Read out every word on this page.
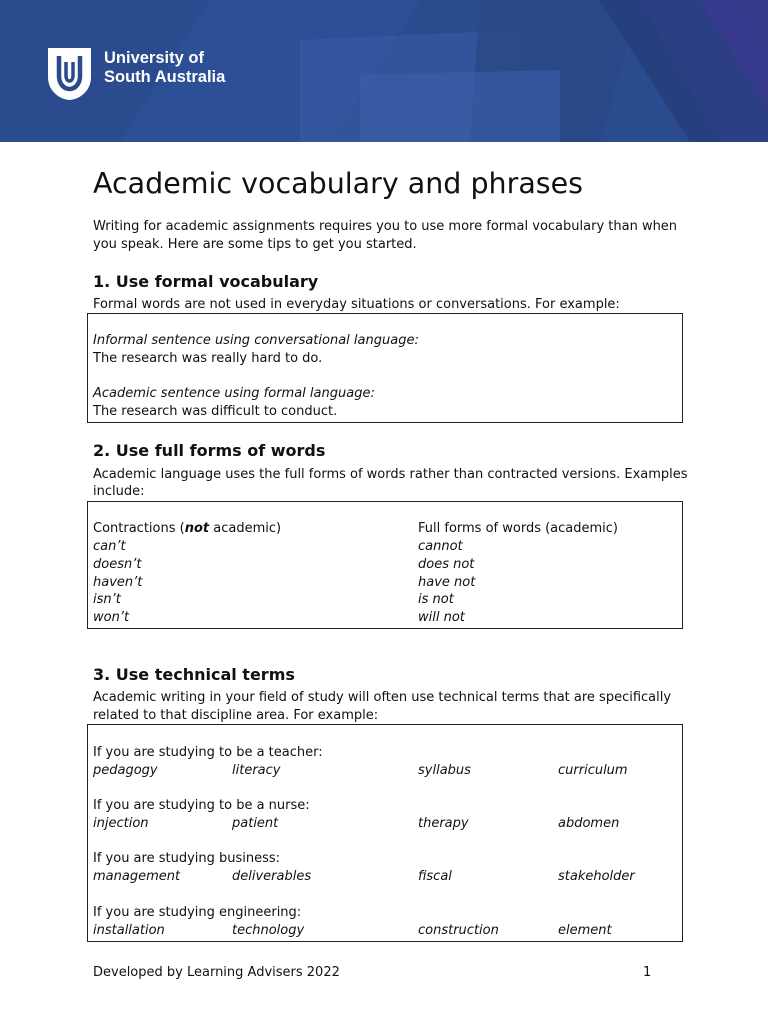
University of
South Australia
Academic vocabulary and phrases
Writing for academic assignments requires you to use more formal vocabulary than when
you speak. Here are some tips to get you started.
1. Use formal vocabulary
Formal words are not used in everyday situations or conversations. For example:
Informal sentence using conversational language:
The research was really hard to do.
Academic sentence using formal language:
The research was difficult to conduct.
2. Use full forms of words
Academic language uses the full forms of words rather than contracted versions. Examples
include:
Contractions (not academic)	Full forms of words (academic)
can’t	cannot
doesn’t	does not
haven’t	have not
isn’t	is not
won’t	will not
3. Use technical terms
Academic writing in your field of study will often use technical terms that are specifically
related to that discipline area. For example:
If you are studying to be a teacher:
pedagogy	literacy	syllabus	curriculum
If you are studying to be a nurse:
injection	patient	therapy	abdomen
If you are studying business:
management	deliverables	fiscal	stakeholder
If you are studying engineering:
installation	technology	construction	element
Developed by Learning Advisers 2022	1
